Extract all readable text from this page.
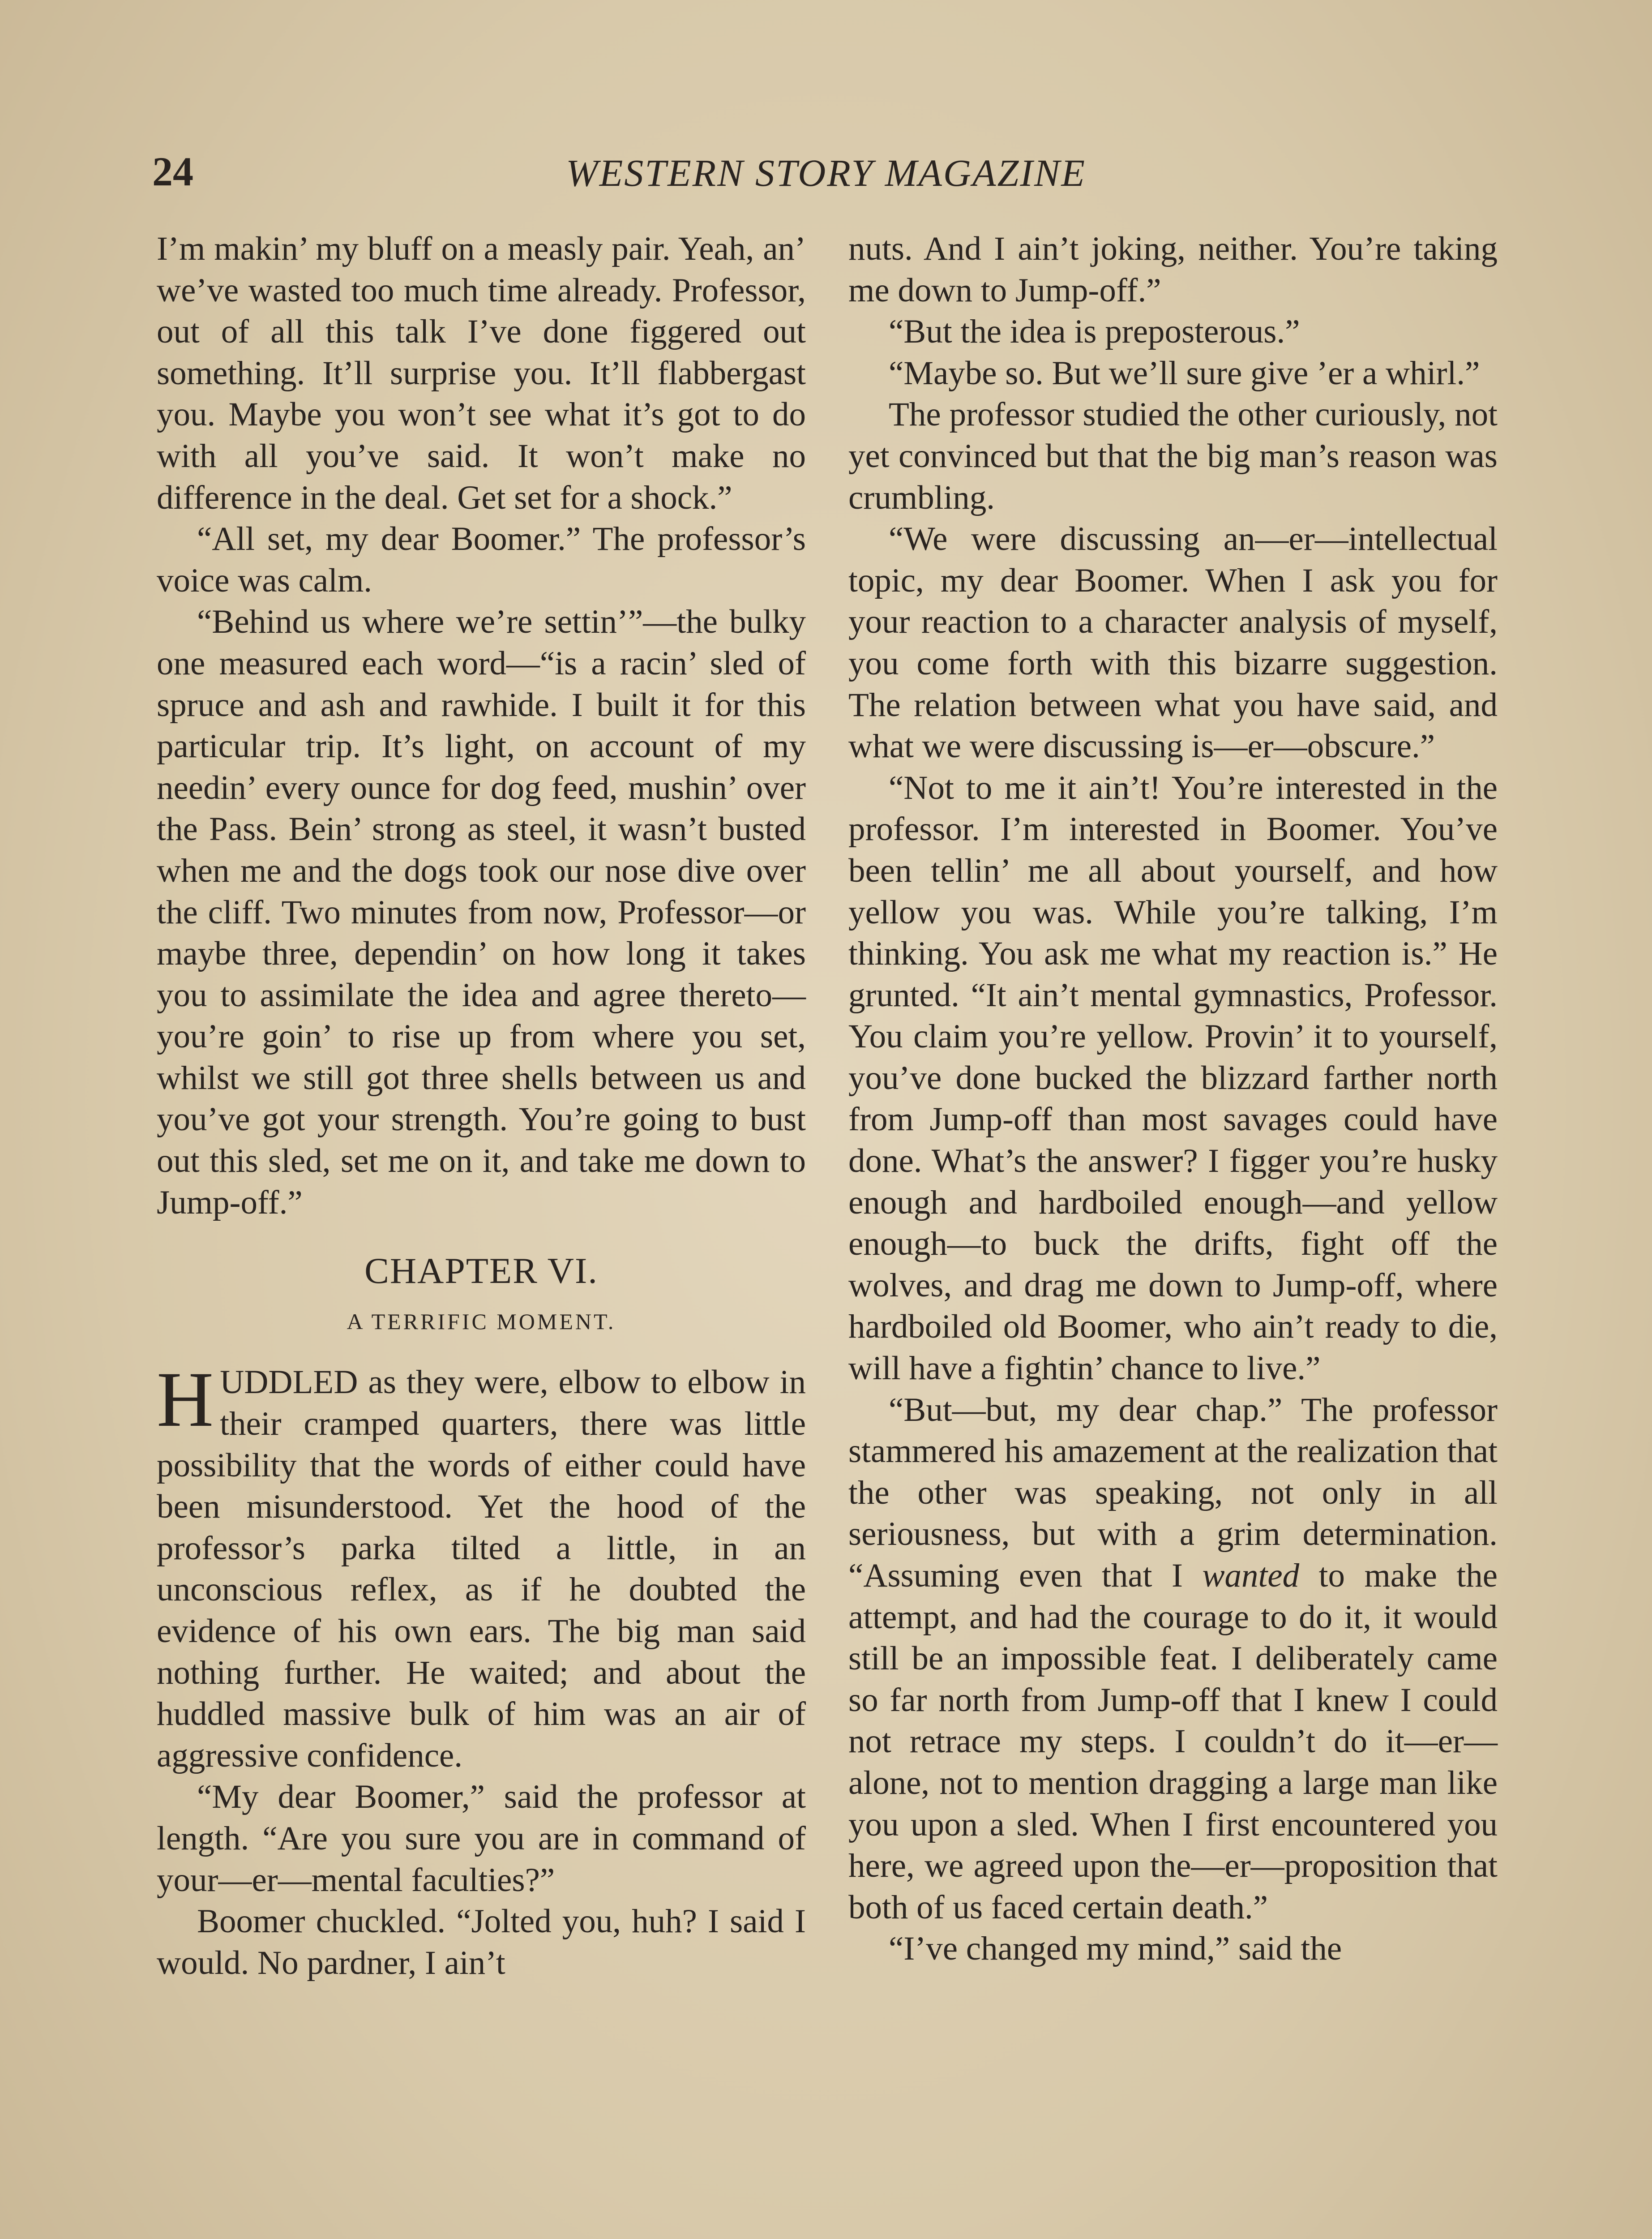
24	WESTERN STORY MAGAZINE

I’m makin’ my bluff on a measly pair. Yeah, an’ we’ve wasted too much time already. Professor, out of all this talk I’ve done figgered out something. It’ll surprise you. It’ll flabbergast you. Maybe you won’t see what it’s got to do with all you’ve said. It won’t make no difference in the deal. Get set for a shock.”

“All set, my dear Boomer.” The professor’s voice was calm.

“Behind us where we’re settin’”—the bulky one measured each word—“is a racin’ sled of spruce and ash and rawhide. I built it for this particular trip. It’s light, on account of my needin’ every ounce for dog feed, mushin’ over the Pass. Bein’ strong as steel, it wasn’t busted when me and the dogs took our nose dive over the cliff. Two minutes from now, Professor—or maybe three, dependin’ on how long it takes you to assimilate the idea and agree thereto—you’re goin’ to rise up from where you set, whilst we still got three shells between us and you’ve got your strength. You’re going to bust out this sled, set me on it, and take me down to Jump-off.”

CHAPTER VI.
A TERRIFIC MOMENT.

HUDDLED as they were, elbow to elbow in their cramped quarters, there was little possibility that the words of either could have been misunderstood. Yet the hood of the professor’s parka tilted a little, in an unconscious reflex, as if he doubted the evidence of his own ears. The big man said nothing further. He waited; and about the huddled massive bulk of him was an air of aggressive confidence.

“My dear Boomer,” said the professor at length. “Are you sure you are in command of your—er—mental faculties?”

Boomer chuckled. “Jolted you, huh? I said I would. No pardner, I ain’t

nuts. And I ain’t joking, neither. You’re taking me down to Jump-off.”

“But the idea is preposterous.”

“Maybe so. But we’ll sure give ’er a whirl.”

The professor studied the other curiously, not yet convinced but that the big man’s reason was crumbling.

“We were discussing an—er—intellectual topic, my dear Boomer. When I ask you for your reaction to a character analysis of myself, you come forth with this bizarre suggestion. The relation between what you have said, and what we were discussing is—er—obscure.”

“Not to me it ain’t! You’re interested in the professor. I’m interested in Boomer. You’ve been tellin’ me all about yourself, and how yellow you was. While you’re talking, I’m thinking. You ask me what my reaction is.” He grunted. “It ain’t mental gymnastics, Professor. You claim you’re yellow. Provin’ it to yourself, you’ve done bucked the blizzard farther north from Jump-off than most savages could have done. What’s the answer? I figger you’re husky enough and hardboiled enough—and yellow enough—to buck the drifts, fight off the wolves, and drag me down to Jump-off, where hardboiled old Boomer, who ain’t ready to die, will have a fightin’ chance to live.”

“But—but, my dear chap.” The professor stammered his amazement at the realization that the other was speaking, not only in all seriousness, but with a grim determination. “Assuming even that I wanted to make the attempt, and had the courage to do it, it would still be an impossible feat. I deliberately came so far north from Jump-off that I knew I could not retrace my steps. I couldn’t do it—er—alone, not to mention dragging a large man like you upon a sled. When I first encountered you here, we agreed upon the—er—proposition that both of us faced certain death.”

“I’ve changed my mind,” said the
